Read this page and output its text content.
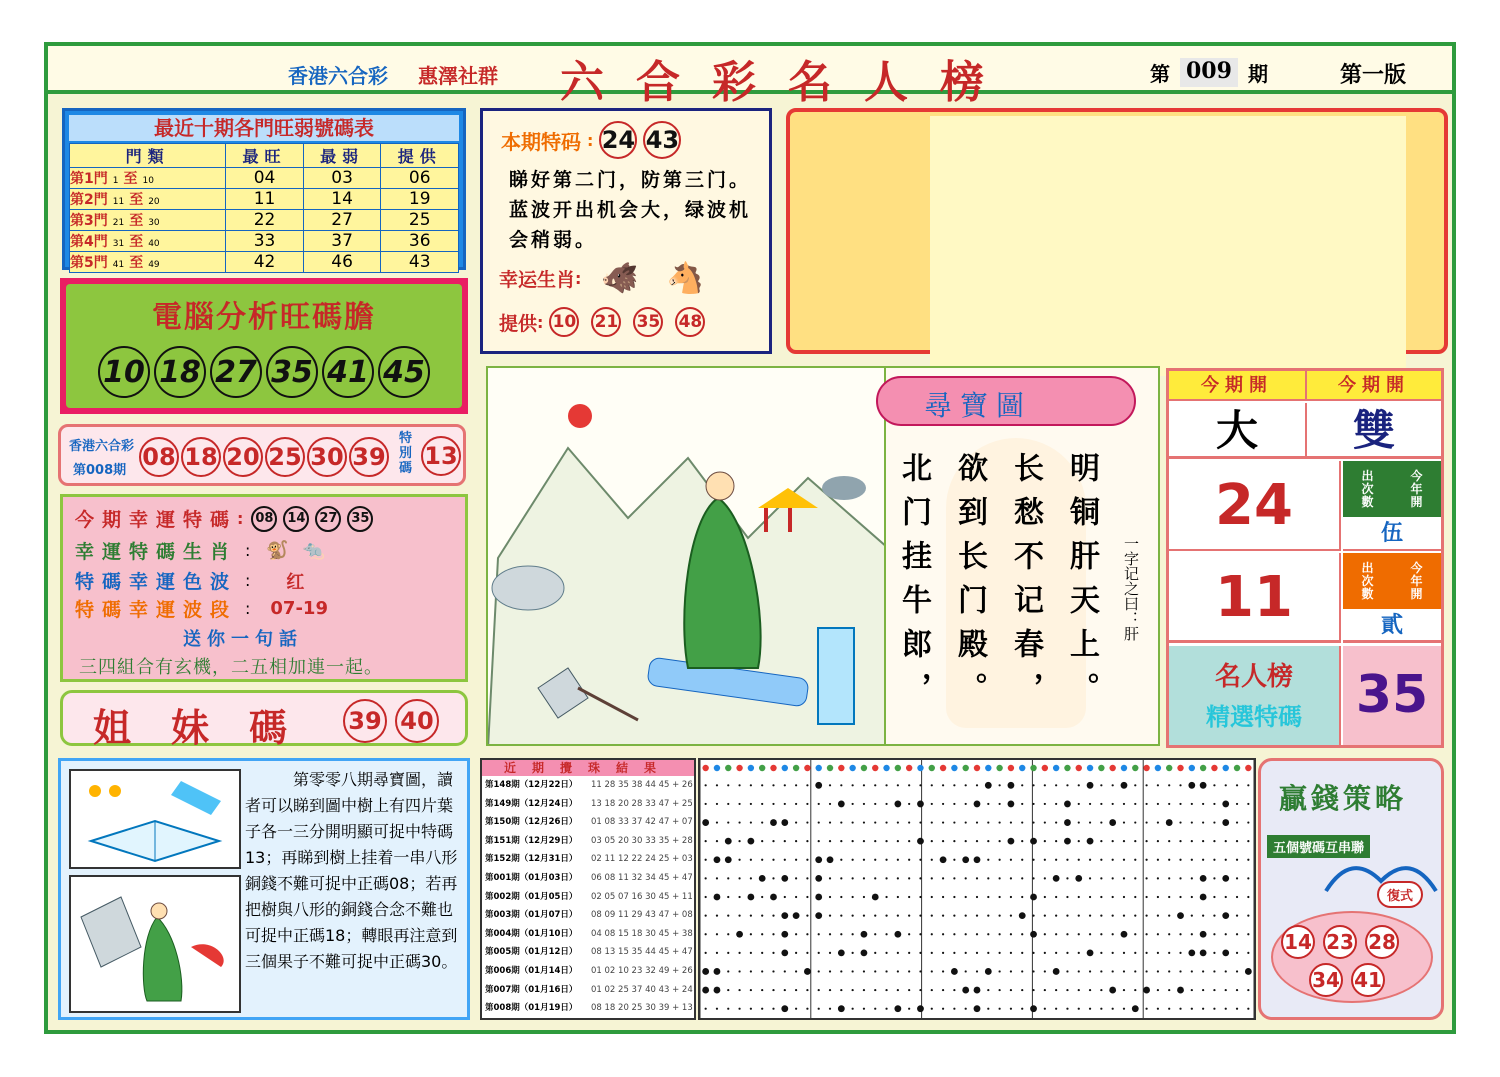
香港六合彩 惠澤社群 六合彩名人榜	第 009 期	第一版
最近十期各門旺弱號碼表
門類	最旺	最弱	提供
第1門 1 至 10	04	03	06
第2門 11 至 20	11	14	19
第3門 21 至 30	22	27	25
第4門 31 至 40	33	37	36
第5門 41 至 49	42	46	43
電腦分析旺碼膽
10 18 27 35 41 45
香港六合彩
第008期 08 18 20 25 30 39
特別碼 13
今期幸運特碼 : 08	14	27	35
幸運特碼生肖 : 🐒 🐀
特碼幸運色波 : 红
特碼幸運波段 : 07-19
送你一句話
三四組合有玄機，二五相加連一起。
姐妹碼 39 40
本期特码 : 24 43
睇好第二门，防第三门。蓝波开出机会大，绿波机会稍弱。
幸运生肖 : 🐗 🐴
提供 : 10 21 35 48
尋寶圖
北门挂牛郎， 欲到长门殿。 长愁不记春， 明铜肝天上。 一字记之曰：肝
今期開	今期開
大	雙
24	出次數
今年開
伍
11	出次數
今年開
貳
名人榜
精選特碼	35
第零零八期尋寶圖，讀者可以睇到圖中樹上有四片葉子各一三分開明顯可捉中特碼13；再睇到樹上挂着一串八形銅錢不難可捉中正碼08；若再把樹與八形的銅錢合念不難也可捉中正碼18；轉眼再注意到三個果子不難可捉中正碼30。
近期攪珠結果
第148期（12月22日）	11 28 35 38 44 45 + 26
第149期（12月24日）	13 18 20 28 33 47 + 25
第150期（12月26日）	01 08 33 37 42 47 + 07
第151期（12月29日）	03 05 20 30 33 35 + 28
第152期（12月31日）	02 11 12 22 24 25 + 03
第001期（01月03日）	06 08 11 32 34 45 + 47
第002期（01月05日）	02 05 07 16 30 45 + 11
第003期（01月07日）	08 09 11 29 43 47 + 08
第004期（01月10日）	04 08 15 18 30 45 + 38
第005期（01月12日）	08 13 15 35 44 45 + 47
第006期（01月14日）	01 02 10 23 32 49 + 26
第007期（01月16日）	01 02 25 37 40 43 + 24
第008期（01月19日）	08 18 20 25 30 39 + 13
贏錢策略
五個號碼互串聯
復式
14 23 28
34 41
